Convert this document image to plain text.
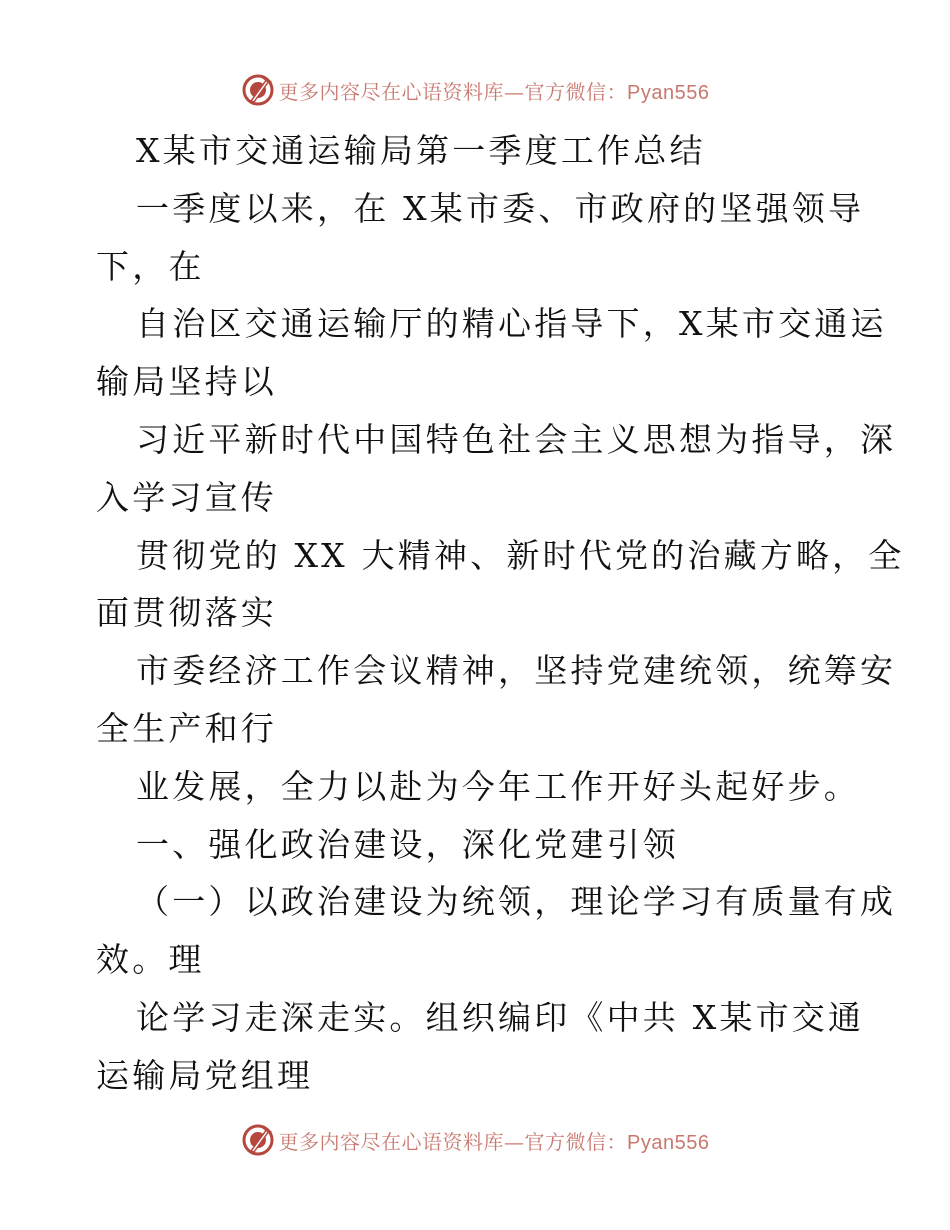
更多内容尽在心语资料库—官方微信：Pyan556
X某市交通运输局第一季度工作总结
一季度以来，在 X某市委、市政府的坚强领导
下，在
自治区交通运输厅的精心指导下，X某市交通运
输局坚持以
习近平新时代中国特色社会主义思想为指导，深
入学习宣传
贯彻党的 XX 大精神、新时代党的治藏方略，全
面贯彻落实
市委经济工作会议精神，坚持党建统领，统筹安
全生产和行
业发展，全力以赴为今年工作开好头起好步。
一、强化政治建设，深化党建引领
（一）以政治建设为统领，理论学习有质量有成
效。理
论学习走深走实。组织编印《中共 X某市交通
运输局党组理
更多内容尽在心语资料库—官方微信：Pyan556
